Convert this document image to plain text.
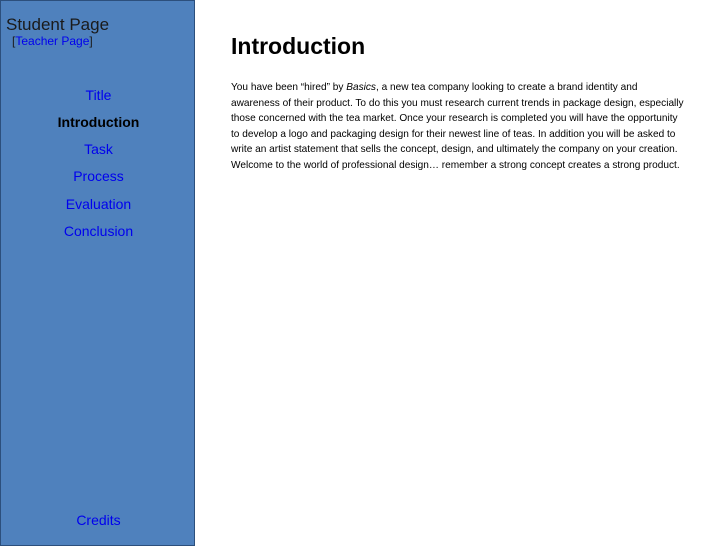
Student Page
[Teacher Page]
Title
Introduction
Task
Process
Evaluation
Conclusion
Credits
Introduction
You have been “hired” by Basics, a new tea company looking to create a brand identity and awareness of their product. To do this you must research current trends in package design, especially those concerned with the tea market. Once your research is completed you will have the opportunity to develop a logo and packaging design for their newest line of teas. In addition you will be asked to write an artist statement that sells the concept, design, and ultimately the company on your creation. Welcome to the world of professional design… remember a strong concept creates a strong product.
